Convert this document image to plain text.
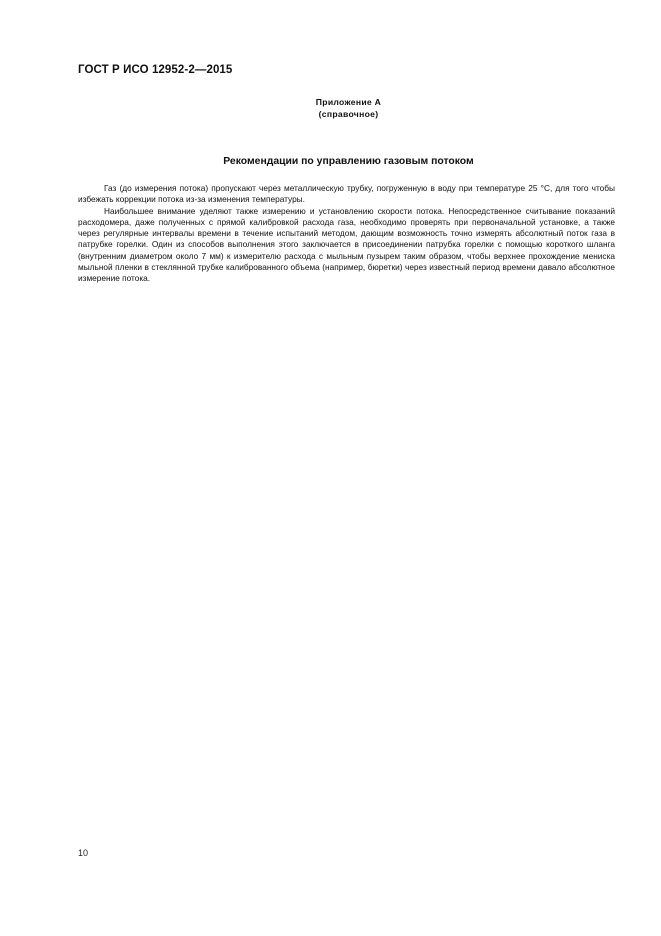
ГОСТ Р ИСО 12952-2—2015
Приложение А
(справочное)
Рекомендации по управлению газовым потоком

Газ (до измерения потока) пропускают через металлическую трубку, погруженную в воду при температуре 25 °С, для того чтобы избежать коррекции потока из-за изменения температуры.

Наибольшее внимание уделяют также измерению и установлению скорости потока. Непосредственное считывание показаний расходомера, даже полученных с прямой калибровкой расхода газа, необходимо проверять при первоначальной установке, а также через регулярные интервалы времени в течение испытаний методом, дающим возможность точно измерять абсолютный поток газа в патрубке горелки. Один из способов выполнения этого заключается в присоединении патрубка горелки с помощью короткого шланга (внутренним диаметром около 7 мм) к измерителю расхода с мыльным пузырем таким образом, чтобы верхнее прохождение мениска мыльной пленки в стеклянной трубке калиброванного объема (например, бюретки) через известный период времени давало абсолютное измерение потока.

10
